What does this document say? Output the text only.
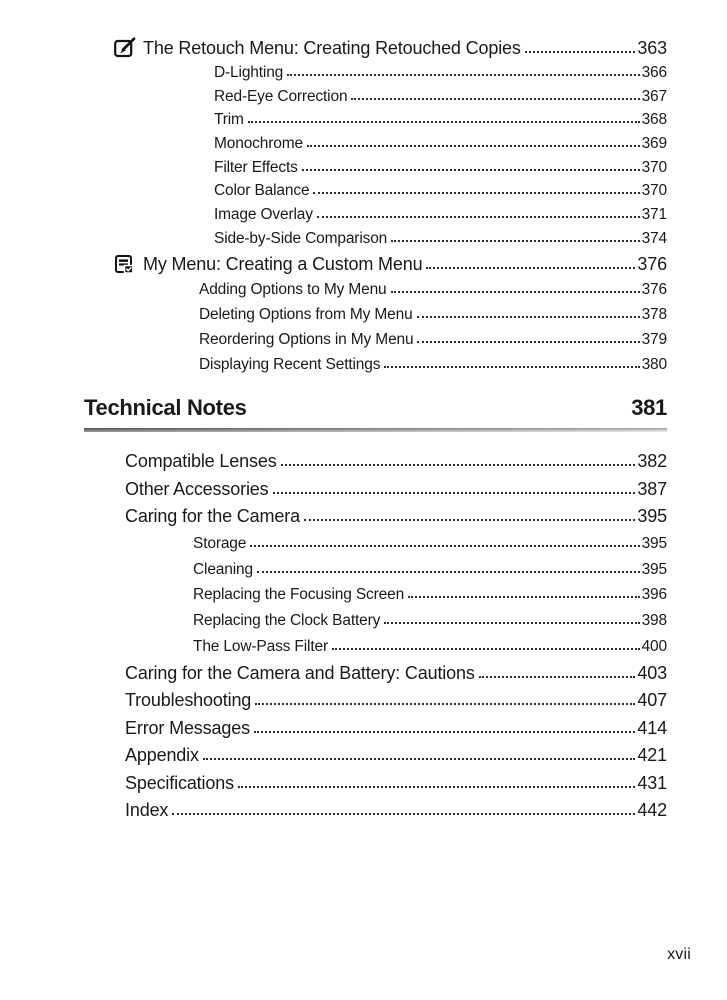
The Retouch Menu: Creating Retouched Copies	363
D-Lighting	366
Red-Eye Correction	367
Trim	368
Monochrome	369
Filter Effects	370
Color Balance	370
Image Overlay	371
Side-by-Side Comparison	374
My Menu: Creating a Custom Menu	376
Adding Options to My Menu	376
Deleting Options from My Menu	378
Reordering Options in My Menu	379
Displaying Recent Settings	380
Technical Notes	381
Compatible Lenses	382
Other Accessories	387
Caring for the Camera	395
Storage	395
Cleaning	395
Replacing the Focusing Screen	396
Replacing the Clock Battery	398
The Low-Pass Filter	400
Caring for the Camera and Battery: Cautions	403
Troubleshooting	407
Error Messages	414
Appendix	421
Specifications	431
Index	442
xvii
